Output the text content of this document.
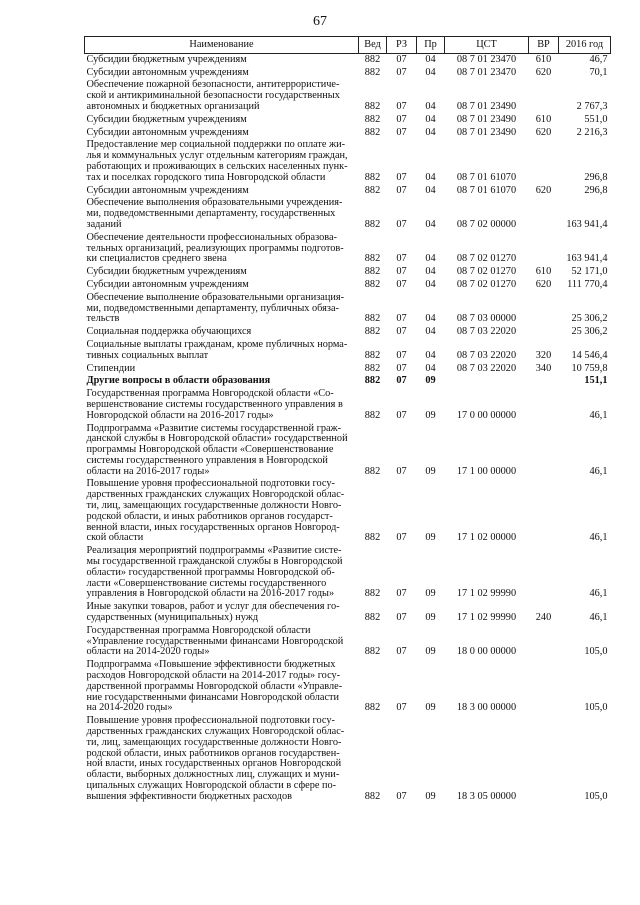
67
Наименование	Вед	РЗ	Пр	ЦСТ	ВР	2016 год
Субсидии бюджетным учреждениям	882	07	04	08 7 01 23470	610	46,7
Субсидии автономным учреждениям	882	07	04	08 7 01 23470	620	70,1
Обеспечение пожарной безопасности, антитеррористиче-ской и антикриминальной безопасности государственных автономных и бюджетных организаций	882	07	04	08 7 01 23490		2 767,3
Субсидии бюджетным учреждениям	882	07	04	08 7 01 23490	610	551,0
Субсидии автономным учреждениям	882	07	04	08 7 01 23490	620	2 216,3
Предоставление мер социальной поддержки по оплате жи-лья и коммунальных услуг отдельным категориям граждан, работающих и проживающих в сельских населенных пунк-тах и поселках городского типа Новгородской области	882	07	04	08 7 01 61070		296,8
Субсидии автономным учреждениям	882	07	04	08 7 01 61070	620	296,8
Обеспечение выполнения образовательными учреждения-ми, подведомственными департаменту, государственных заданий	882	07	04	08 7 02 00000		163 941,4
Обеспечение деятельности профессиональных образова-тельных организаций, реализующих программы подготов-ки специалистов среднего звена	882	07	04	08 7 02 01270		163 941,4
Субсидии бюджетным учреждениям	882	07	04	08 7 02 01270	610	52 171,0
Субсидии автономным учреждениям	882	07	04	08 7 02 01270	620	111 770,4
Обеспечение выполнение образовательными организация-ми, подведомственными департаменту, публичных обяза-тельств	882	07	04	08 7 03 00000		25 306,2
Социальная поддержка обучающихся	882	07	04	08 7 03 22020		25 306,2
Социальные выплаты гражданам, кроме публичных норма-тивных социальных выплат	882	07	04	08 7 03 22020	320	14 546,4
Стипендии	882	07	04	08 7 03 22020	340	10 759,8
Другие вопросы в области образования	882	07	09			151,1
Государственная программа Новгородской области «Со-вершенствование системы государственного управления в Новгородской области на 2016-2017 годы»	882	07	09	17 0 00 00000		46,1
Подпрограмма «Развитие системы государственной граж-данской службы в Новгородской области» государственной программы Новгородской области «Совершенствование системы государственного управления в Новгородской области на 2016-2017 годы»	882	07	09	17 1 00 00000		46,1
Повышение уровня профессиональной подготовки госу-дарственных гражданских служащих Новгородской облас-ти, лиц, замещающих государственные должности Новго-родской области, и иных работников органов государст-венной власти, иных государственных органов Новгород-ской области	882	07	09	17 1 02 00000		46,1
Реализация мероприятий подпрограммы «Развитие систе-мы государственной гражданской службы в Новгородской области» государственной программы Новгородской об-ласти «Совершенствование системы государственного управления в Новгородской области на 2016-2017 годы»	882	07	09	17 1 02 99990		46,1
Иные закупки товаров, работ и услуг для обеспечения го-сударственных (муниципальных) нужд	882	07	09	17 1 02 99990	240	46,1
Государственная программа Новгородской области «Управление государственными финансами Новгородской области на 2014-2020 годы»	882	07	09	18 0 00 00000		105,0
Подпрограмма «Повышение эффективности бюджетных расходов Новгородской области на 2014-2017 годы» госу-дарственной программы Новгородской области «Управле-ние государственными финансами Новгородской области на 2014-2020 годы»	882	07	09	18 3 00 00000		105,0
Повышение уровня профессиональной подготовки госу-дарственных гражданских служащих Новгородской облас-ти, лиц, замещающих государственные должности Новго-родской области, иных работников органов государствен-ной власти, иных государственных органов Новгородской области, выборных должностных лиц, служащих и муни-ципальных служащих Новгородской области в сфере по-вышения эффективности бюджетных расходов	882	07	09	18 3 05 00000		105,0
